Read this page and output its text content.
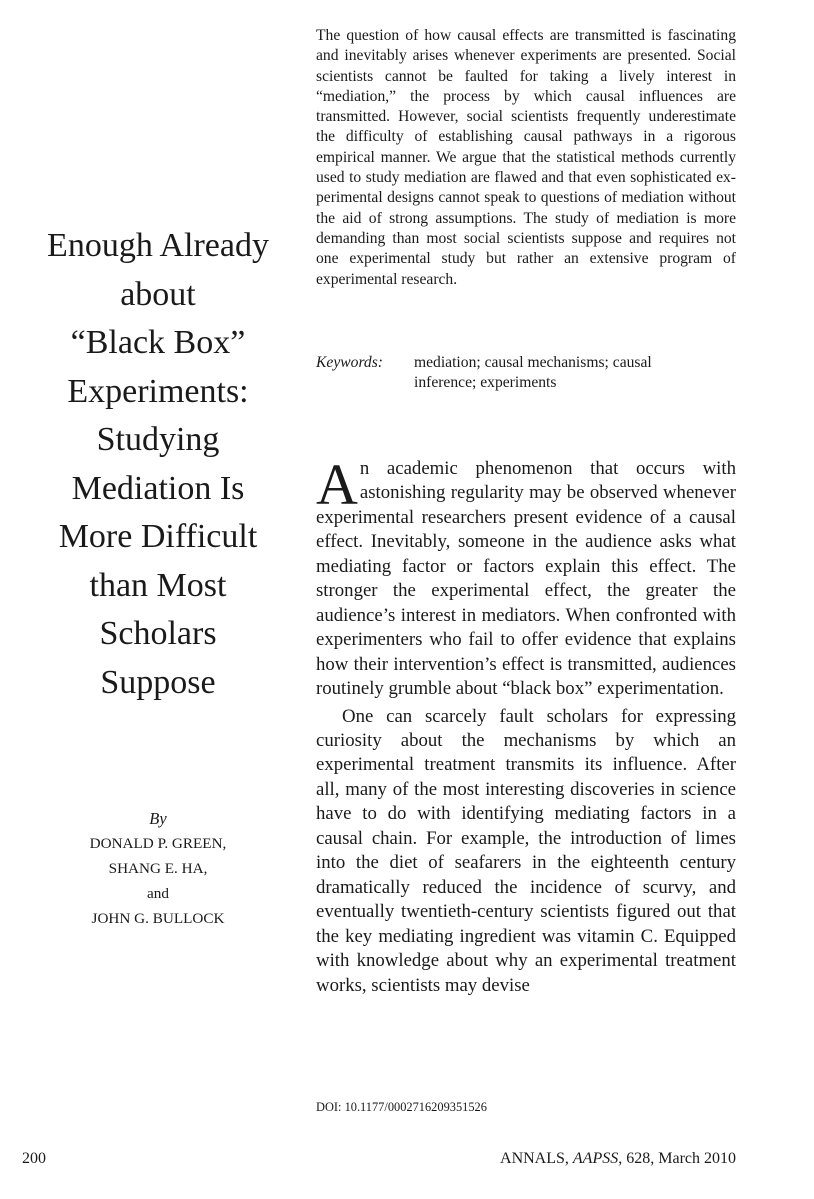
Enough Already
about
“Black Box”
Experiments:
Studying
Mediation Is
More Difficult
than Most
Scholars
Suppose
By
DONALD P. GREEN,
SHANG E. HA,
and
JOHN G. BULLOCK

The question of how causal effects are transmitted is fascinating and inevitably arises whenever experiments are presented. Social scientists cannot be faulted for taking a lively interest in “mediation,” the process by which causal influences are transmitted. However, social scientists frequently underestimate the difficulty of establishing causal pathways in a rigorous empirical manner. We argue that the statistical methods currently used to study mediation are flawed and that even sophisticated experimental designs cannot speak to questions of mediation without the aid of strong assumptions. The study of mediation is more demanding than most social scientists suppose and requires not one experimental study but rather an extensive program of experimental research.

Keywords: mediation; causal mechanisms; causal
inference; experiments

An academic phenomenon that occurs with astonishing regularity may be observed whenever experimental researchers present evidence of a causal effect. Inevitably, someone in the audience asks what mediating factor or factors explain this effect. The stronger the experimental effect, the greater the audience’s interest in mediators. When confronted with experimenters who fail to offer evidence that explains how their intervention’s effect is transmitted, audiences routinely grumble about “black box” experimentation.

One can scarcely fault scholars for expressing curiosity about the mechanisms by which an experimental treatment transmits its influence. After all, many of the most interesting discoveries in science have to do with identifying mediating factors in a causal chain. For example, the introduction of limes into the diet of seafarers in the eighteenth century dramatically reduced the incidence of scurvy, and eventually twentieth-century scientists figured out that the key mediating ingredient was vitamin C. Equipped with knowledge about why an experimental treatment works, scientists may devise

DOI: 10.1177/0002716209351526
200	ANNALS, AAPSS, 628, March 2010
